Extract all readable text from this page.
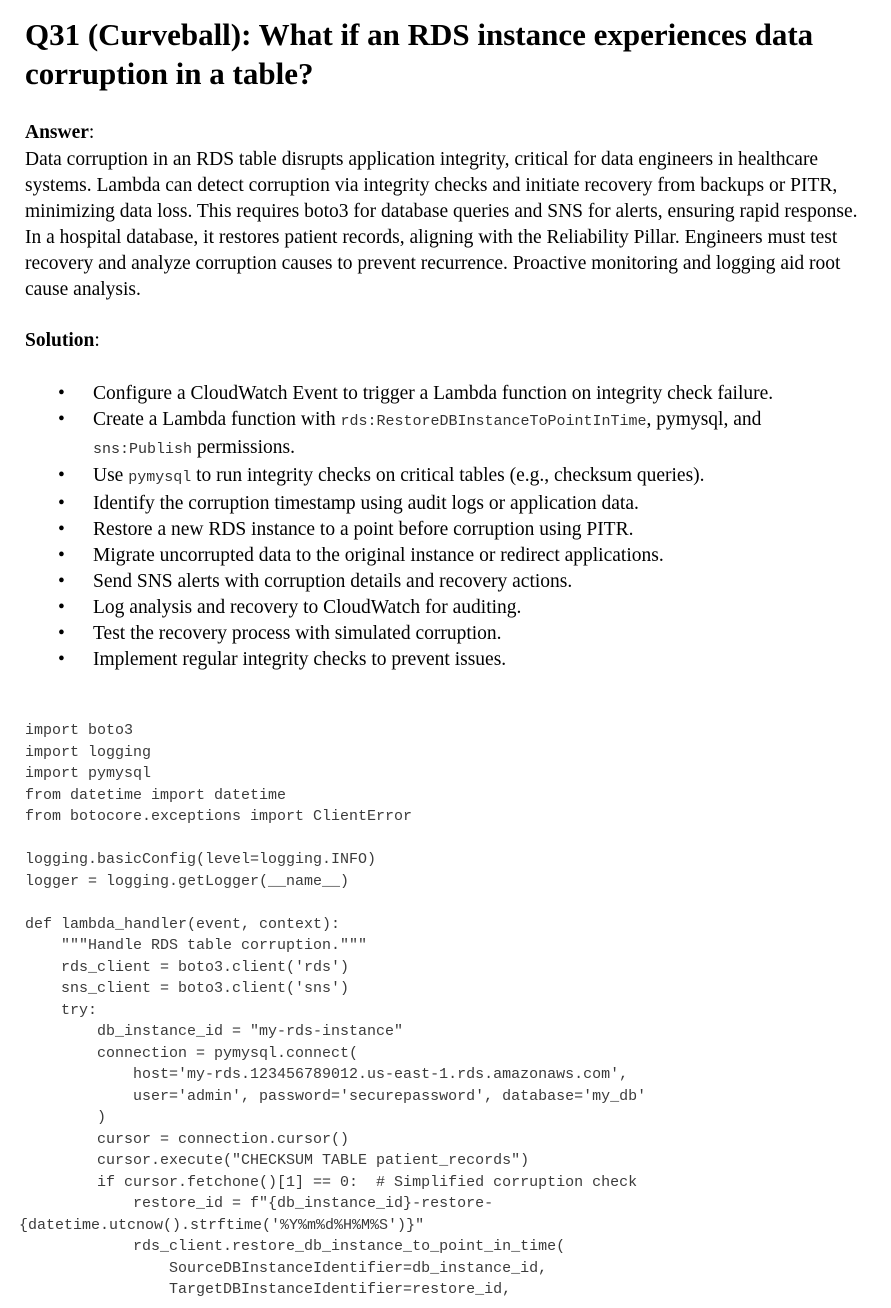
Q31 (Curveball): What if an RDS instance experiences data corruption in a table?
Answer:

Data corruption in an RDS table disrupts application integrity, critical for data engineers in healthcare systems. Lambda can detect corruption via integrity checks and initiate recovery from backups or PITR, minimizing data loss. This requires boto3 for database queries and SNS for alerts, ensuring rapid response. In a hospital database, it restores patient records, aligning with the Reliability Pillar. Engineers must test recovery and analyze corruption causes to prevent recurrence. Proactive monitoring and logging aid root cause analysis.

Solution:
• Configure a CloudWatch Event to trigger a Lambda function on integrity check failure.
• Create a Lambda function with rds:RestoreDBInstanceToPointInTime, pymysql, and sns:Publish permissions.
• Use pymysql to run integrity checks on critical tables (e.g., checksum queries).
• Identify the corruption timestamp using audit logs or application data.
• Restore a new RDS instance to a point before corruption using PITR.
• Migrate uncorrupted data to the original instance or redirect applications.
• Send SNS alerts with corruption details and recovery actions.
• Log analysis and recovery to CloudWatch for auditing.
• Test the recovery process with simulated corruption.
• Implement regular integrity checks to prevent issues.
import boto3
import logging
import pymysql
from datetime import datetime
from botocore.exceptions import ClientError
logging.basicConfig(level=logging.INFO)
logger = logging.getLogger(__name__)
def lambda_handler(event, context):
"""Handle RDS table corruption."""
rds_client = boto3.client('rds')
sns_client = boto3.client('sns')
try:
db_instance_id = "my-rds-instance"
connection = pymysql.connect(
host='my-rds.123456789012.us-east-1.rds.amazonaws.com',
user='admin', password='securepassword', database='my_db'
)
cursor = connection.cursor()
cursor.execute("CHECKSUM TABLE patient_records")
if cursor.fetchone()[1] == 0:  # Simplified corruption check
restore_id = f"{db_instance_id}-restore-
{datetime.utcnow().strftime('%Y%m%d%H%M%S')}"
rds_client.restore_db_instance_to_point_in_time(
SourceDBInstanceIdentifier=db_instance_id,
TargetDBInstanceIdentifier=restore_id,
